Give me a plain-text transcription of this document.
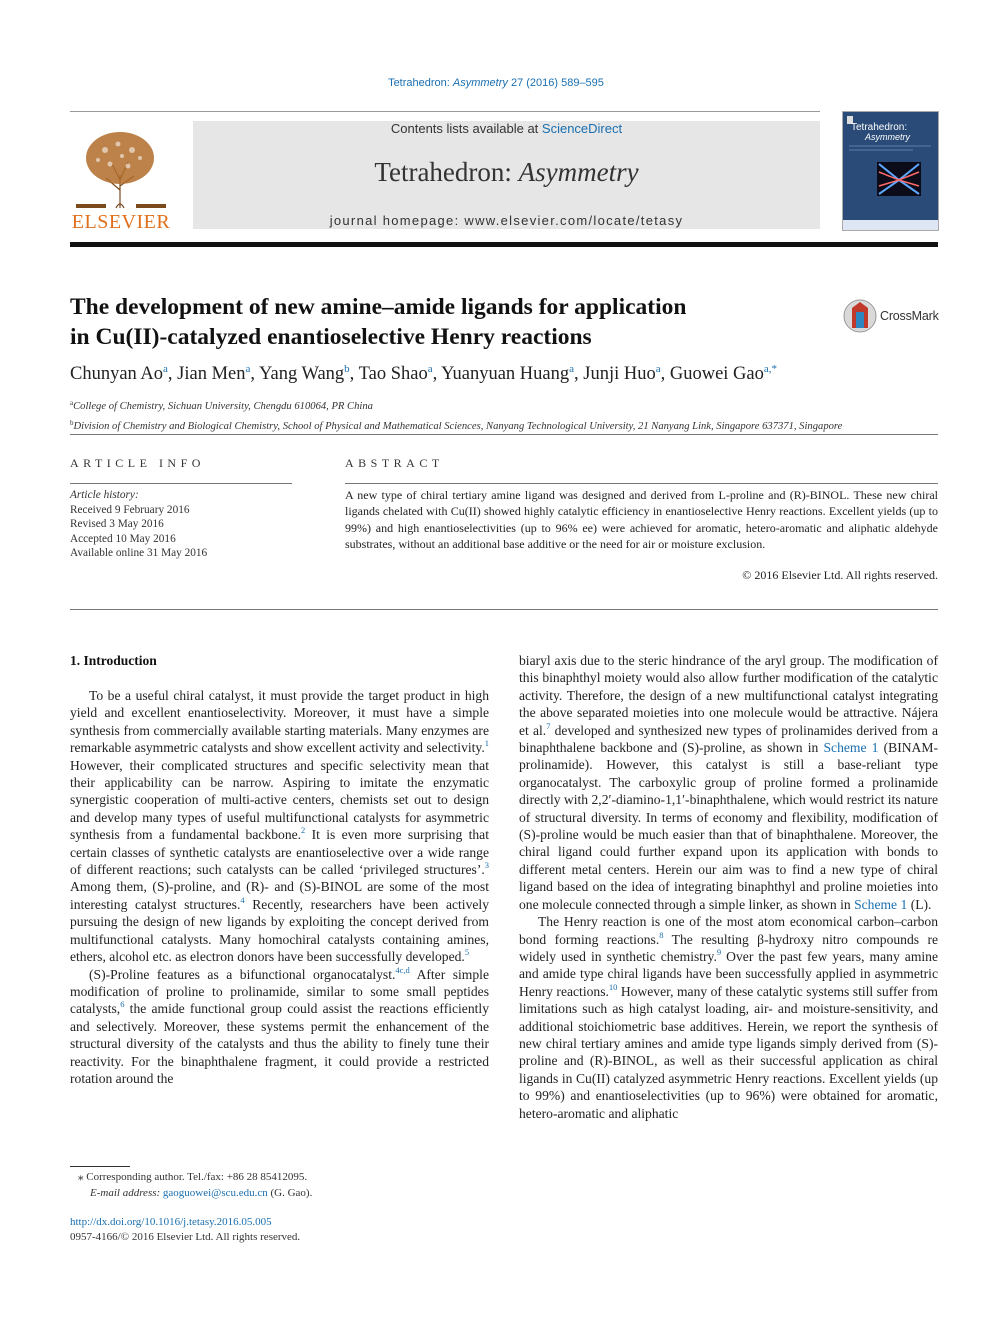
Tetrahedron: Asymmetry 27 (2016) 589–595
ELSEVIER
Contents lists available at ScienceDirect
Tetrahedron: Asymmetry
journal homepage: www.elsevier.com/locate/tetasy
Tetrahedron:
Asymmetry
The development of new amine–amide ligands for application
in Cu(II)-catalyzed enantioselective Henry reactions
CrossMark
Chunyan Ao$^a$, Jian Men$^a$, Yang Wang$^b$, Tao Shao$^a$, Yuanyuan Huang$^a$, Junji Huo$^a$, Guowei Gao$^{a,*}$
$^a$College of Chemistry, Sichuan University, Chengdu 610064, PR China
$^b$Division of Chemistry and Biological Chemistry, School of Physical and Mathematical Sciences, Nanyang Technological University, 21 Nanyang Link, Singapore 637371, Singapore
ARTICLE INFO
Article history:
Received 9 February 2016
Revised 3 May 2016
Accepted 10 May 2016
Available online 31 May 2016
ABSTRACT
A new type of chiral tertiary amine ligand was designed and derived from L-proline and (R)-BINOL. These new chiral ligands chelated with Cu(II) showed highly catalytic efficiency in enantioselective Henry reactions. Excellent yields (up to 99%) and high enantioselectivities (up to 96% ee) were achieved for aromatic, hetero-aromatic and aliphatic aldehyde substrates, without an additional base additive or the need for air or moisture exclusion.
© 2016 Elsevier Ltd. All rights reserved.
1. Introduction

To be a useful chiral catalyst, it must provide the target product in high yield and excellent enantioselectivity. Moreover, it must have a simple synthesis from commercially available starting materials. Many enzymes are remarkable asymmetric catalysts and show excellent activity and selectivity.$^1$ However, their complicated structures and specific selectivity mean that their applicability can be narrow. Aspiring to imitate the enzymatic synergistic cooperation of multi-active centers, chemists set out to design and develop many types of useful multifunctional catalysts for asymmetric synthesis from a fundamental backbone.$^2$ It is even more surprising that certain classes of synthetic catalysts are enantioselective over a wide range of different reactions; such catalysts can be called ‘privileged structures’.$^3$ Among them, (S)-proline, and (R)- and (S)-BINOL are some of the most interesting catalyst structures.$^4$ Recently, researchers have been actively pursuing the design of new ligands by exploiting the concept derived from multifunctional catalysts. Many homochiral catalysts containing amines, ethers, alcohol etc. as electron donors have been successfully developed.$^5$

(S)-Proline features as a bifunctional organocatalyst.$^{4c,d}$ After simple modification of proline to prolinamide, similar to some small peptides catalysts,$^6$ the amide functional group could assist the reactions efficiently and selectively. Moreover, these systems permit the enhancement of the structural diversity of the catalysts and thus the ability to finely tune their reactivity. For the binaphthalene fragment, it could provide a restricted rotation around the

biaryl axis due to the steric hindrance of the aryl group. The modification of this binaphthyl moiety would also allow further modification of the catalytic activity. Therefore, the design of a new multifunctional catalyst integrating the above separated moieties into one molecule would be attractive. Nájera et al.$^7$ developed and synthesized new types of prolinamides derived from a binaphthalene backbone and (S)-proline, as shown in Scheme 1 (BINAM-prolinamide). However, this catalyst is still a base-reliant type organocatalyst. The carboxylic group of proline formed a prolinamide directly with 2,2′-diamino-1,1′-binaphthalene, which would restrict its nature of structural diversity. In terms of economy and flexibility, modification of (S)-proline would be much easier than that of binaphthalene. Moreover, the chiral ligand could further expand upon its application with bonds to different metal centers. Herein our aim was to find a new type of chiral ligand based on the idea of integrating binaphthyl and proline moieties into one molecule connected through a simple linker, as shown in Scheme 1 (L).

The Henry reaction is one of the most atom economical carbon–carbon bond forming reactions.$^8$ The resulting β-hydroxy nitro compounds re widely used in synthetic chemistry.$^9$ Over the past few years, many amine and amide type chiral ligands have been successfully applied in asymmetric Henry reactions.$^{10}$ However, many of these catalytic systems still suffer from limitations such as high catalyst loading, air- and moisture-sensitivity, and additional stoichiometric base additives. Herein, we report the synthesis of new chiral tertiary amines and amide type ligands simply derived from (S)-proline and (R)-BINOL, as well as their successful application as chiral ligands in Cu(II) catalyzed asymmetric Henry reactions. Excellent yields (up to 99%) and enantioselectivities (up to 96%) were obtained for aromatic, hetero-aromatic and aliphatic

⁎ Corresponding author. Tel./fax: +86 28 85412095.
E-mail address: gaoguowei@scu.edu.cn (G. Gao).
http://dx.doi.org/10.1016/j.tetasy.2016.05.005
0957-4166/© 2016 Elsevier Ltd. All rights reserved.
